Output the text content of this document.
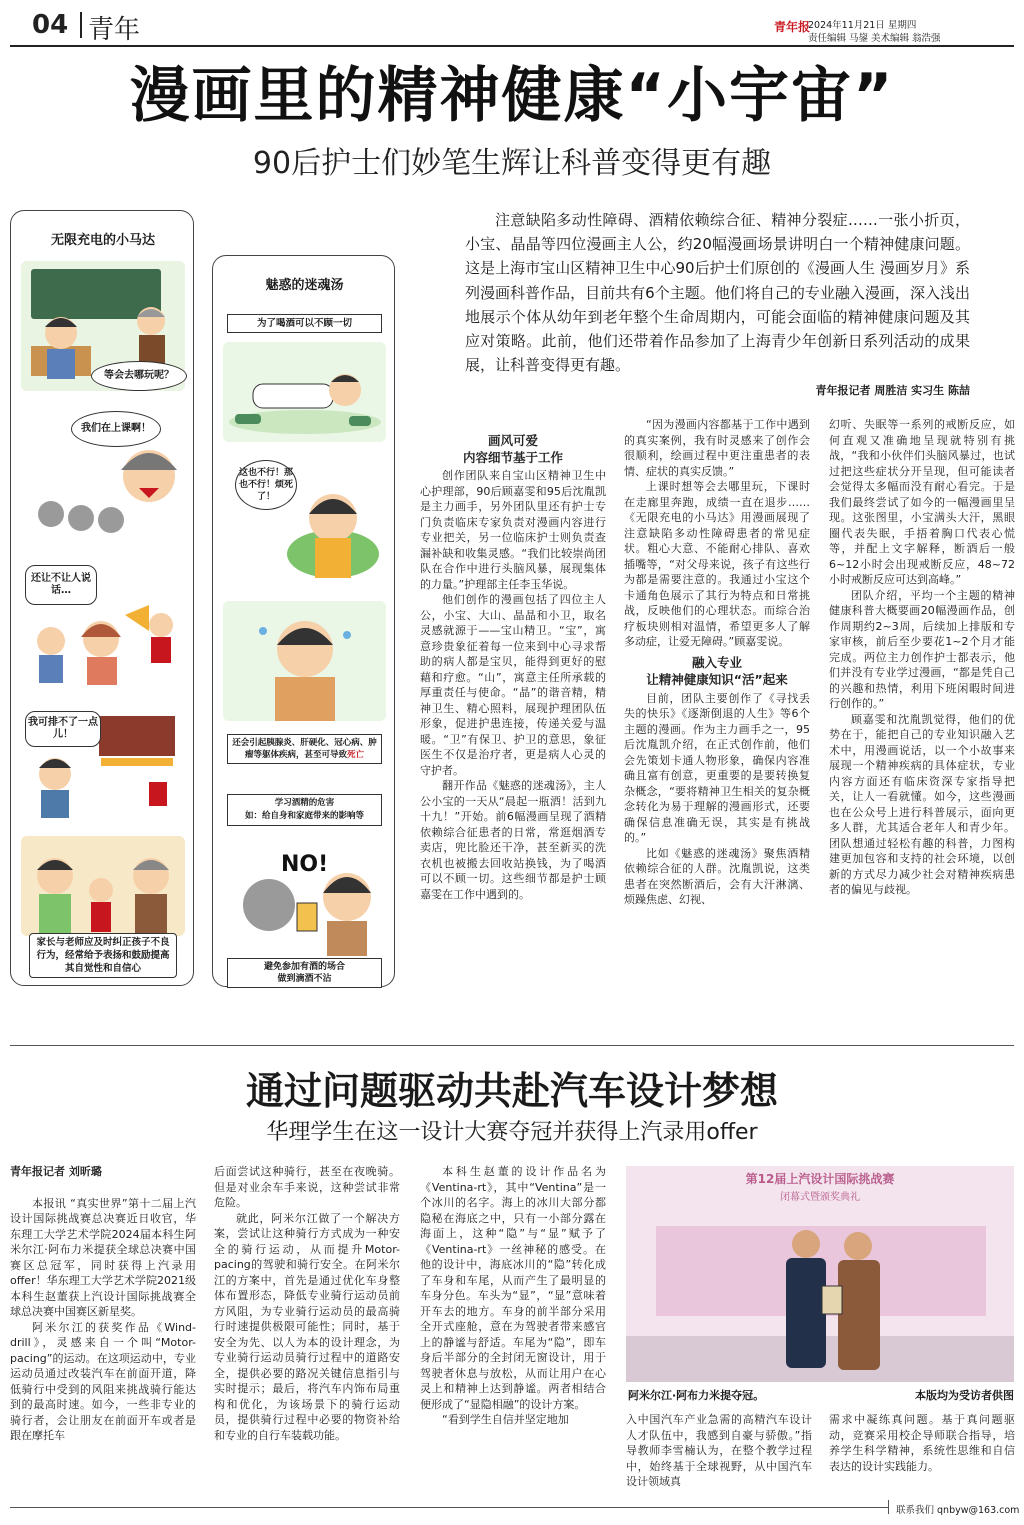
04 青年	青年报
2024年11月21日 星期四
责任编辑 马鋆 美术编辑 翁浩强
漫画里的精神健康“小宇宙”
90后护士们妙笔生辉让科普变得更有趣
无限充电的小马达
等会去哪玩呢？
我们在上课啊！
还让不让人说话…
我可排不了一点儿！
家长与老师应及时纠正孩子不良行为，经常给予表扬和鼓励提高其自觉性和自信心
魅惑的迷魂汤
为了喝酒可以不顾一切
这也不行！那也不行！烦死了！
还会引起胰腺炎、肝硬化、冠心病、肿瘤等躯体疾病，甚至可导致死亡
学习酒精的危害
如：给自身和家庭带来的影响等
NO!
避免参加有酒的场合
做到滴酒不沾
注意缺陷多动性障碍、酒精依赖综合征、精神分裂症……一张小折页，小宝、晶晶等四位漫画主人公，约20幅漫画场景讲明白一个精神健康问题。这是上海市宝山区精神卫生中心90后护士们原创的《漫画人生 漫画岁月》系列漫画科普作品，目前共有6个主题。他们将自己的专业融入漫画，深入浅出地展示个体从幼年到老年整个生命周期内，可能会面临的精神健康问题及其应对策略。此前，他们还带着作品参加了上海青少年创新日系列活动的成果展，让科普变得更有趣。
青年报记者 周胜洁 实习生 陈喆
画风可爱
内容细节基于工作

创作团队来自宝山区精神卫生中心护理部，90后顾嘉雯和95后沈胤凯是主力画手，另外团队里还有护士专门负责临床专家负责对漫画内容进行专业把关，另一位临床护士则负责查漏补缺和收集灵感。“我们比较崇尚团队在合作中进行头脑风暴，展现集体的力量。”护理部主任李玉华说。

他们创作的漫画包括了四位主人公，小宝、大山、晶晶和小卫，取名灵感就源于——宝山精卫。“宝”，寓意珍贵象征着每一位来到中心寻求帮助的病人都是宝贝，能得到更好的慰藉和疗愈。“山”，寓意主任所承载的厚重责任与使命。“晶”的谐音精，精神卫生、精心照料，展现护理团队伍形象，促进护患连接，传递关爱与温暖。“卫”有保卫、护卫的意思，象征医生不仅是治疗者，更是病人心灵的守护者。

翻开作品《魅惑的迷魂汤》，主人公小宝的一天从“晨起一瓶酒！活到九十九！”开始。前6幅漫画呈现了酒精依赖综合征患者的日常，常逛烟酒专卖店，兜比脸还干净，甚至新买的洗衣机也被搬去回收站换钱，为了喝酒可以不顾一切。这些细节都是护士顾嘉雯在工作中遇到的。

“因为漫画内容都基于工作中遇到的真实案例，我有时灵感来了创作会很顺利，绘画过程中更注重患者的表情、症状的真实反馈。”

上课时想等会去哪里玩，下课时在走廊里奔跑，成绩一直在退步……《无限充电的小马达》用漫画展现了注意缺陷多动性障碍患者的常见症状。粗心大意、不能耐心排队、喜欢插嘴等，“对父母来说，孩子有这些行为都是需要注意的。我通过小宝这个卡通角色展示了其行为特点和日常挑战，反映他们的心理状态。而综合治疗板块则相对温情，希望更多人了解多动症，让爱无障碍。”顾嘉雯说。

融入专业
让精神健康知识“活”起来

目前，团队主要创作了《寻找丢失的快乐》《逐渐倒退的人生》等6个主题的漫画。作为主力画手之一，95后沈胤凯介绍，在正式创作前，他们会先策划卡通人物形象，确保内容准确且富有创意，更重要的是要转换复杂概念，“要将精神卫生相关的复杂概念转化为易于理解的漫画形式，还要确保信息准确无误，其实是有挑战的。”

比如《魅惑的迷魂汤》聚焦酒精依赖综合征的人群。沈胤凯说，这类患者在突然断酒后，会有大汗淋漓、烦躁焦虑、幻视、

幻听、失眠等一系列的戒断反应，如何直观又准确地呈现就特别有挑战，“我和小伙伴们头脑风暴过，也试过把这些症状分开呈现，但可能读者会觉得太多幅而没有耐心看完。于是我们最终尝试了如今的一幅漫画里呈现。这张图里，小宝满头大汗，黑眼圈代表失眠，手捂着胸口代表心慌等，并配上文字解释，断酒后一般6~12小时会出现戒断反应，48~72小时戒断反应可达到高峰。”

团队介绍，平均一个主题的精神健康科普大概要画20幅漫画作品，创作周期约2~3周，后续加上排版和专家审核，前后至少要花1~2个月才能完成。两位主力创作护士都表示，他们并没有专业学过漫画，“都是凭自己的兴趣和热情，利用下班闲暇时间进行创作的。”

顾嘉雯和沈胤凯觉得，他们的优势在于，能把自己的专业知识融入艺术中，用漫画说话，以一个小故事来展现一个精神疾病的具体症状，专业内容方面还有临床资深专家指导把关，让人一看就懂。如今，这些漫画也在公众号上进行科普展示，面向更多人群，尤其适合老年人和青少年。团队想通过轻松有趣的科普，力图构建更加包容和支持的社会环境，以创新的方式尽力减少社会对精神疾病患者的偏见与歧视。

通过问题驱动共赴汽车设计梦想
华理学生在这一设计大赛夺冠并获得上汽录用offer
青年报记者 刘昕璐

本报讯 “真实世界”第十二届上汽设计国际挑战赛总决赛近日收官，华东理工大学艺术学院2024届本科生阿米尔江·阿布力米提获全球总决赛中国赛区总冠军，同时获得上汽录用offer！华东理工大学艺术学院2021级本科生赵董获上汽设计国际挑战赛全球总决赛中国赛区新星奖。

阿米尔江的获奖作品《Wind-drill》，灵感来自一个叫“Motor-pacing”的运动。在这项运动中，专业运动员通过改装汽车在前面开道，降低骑行中受到的风阻来挑战骑行能达到的最高时速。如今，一些非专业的骑行者，会让朋友在前面开车或者是跟在摩托车

后面尝试这种骑行，甚至在夜晚骑。但是对业余车手来说，这种尝试非常危险。

就此，阿米尔江做了一个解决方案，尝试让这种骑行方式成为一种安全的骑行运动，从而提升Motor-pacing的驾驶和骑行安全。在阿米尔江的方案中，首先是通过优化车身整体布置形态，降低专业骑行运动员前方风阻，为专业骑行运动员的最高骑行时速提供极限可能性；同时，基于安全为先、以人为本的设计理念，为专业骑行运动员骑行过程中的道路安全，提供必要的路况关键信息指引与实时提示；最后，将汽车内饰布局重构和优化，为该场景下的骑行运动员，提供骑行过程中必要的物资补给和专业的自行车装载功能。

本科生赵董的设计作品名为《Ventina-rt》，其中“Ventina”是一个冰川的名字。海上的冰川大部分都隐秘在海底之中，只有一小部分露在海面上，这种“隐”与“显”赋予了《Ventina-rt》一丝神秘的感受。在他的设计中，海底冰川的“隐”转化成了车身和车尾，从而产生了最明显的车身分色。车头为“显”，“显”意味着开车去的地方。车身的前半部分采用全开式座舱，意在为驾驶者带来感官上的静谧与舒适。车尾为“隐”，即车身后半部分的全封闭无窗设计，用于驾驶者休息与放松，从而让用户在心灵上和精神上达到静谧。两者相结合便形成了“显隐相融”的设计方案。

“看到学生自信并坚定地加

第12届上汽设计国际挑战赛
闭幕式暨颁奖典礼
阿米尔江·阿布力米提夺冠。	本版均为受访者供图

入中国汽车产业急需的高精汽车设计人才队伍中，我感到自豪与骄傲。”指导教师李雪楠认为，在整个教学过程中，始终基于全球视野，从中国汽车设计领域真

需求中凝练真问题。基于真问题驱动，竞赛采用校企导师联合指导，培养学生科学精神，系统性思维和自信表达的设计实践能力。

联系我们 qnbyw@163.com
